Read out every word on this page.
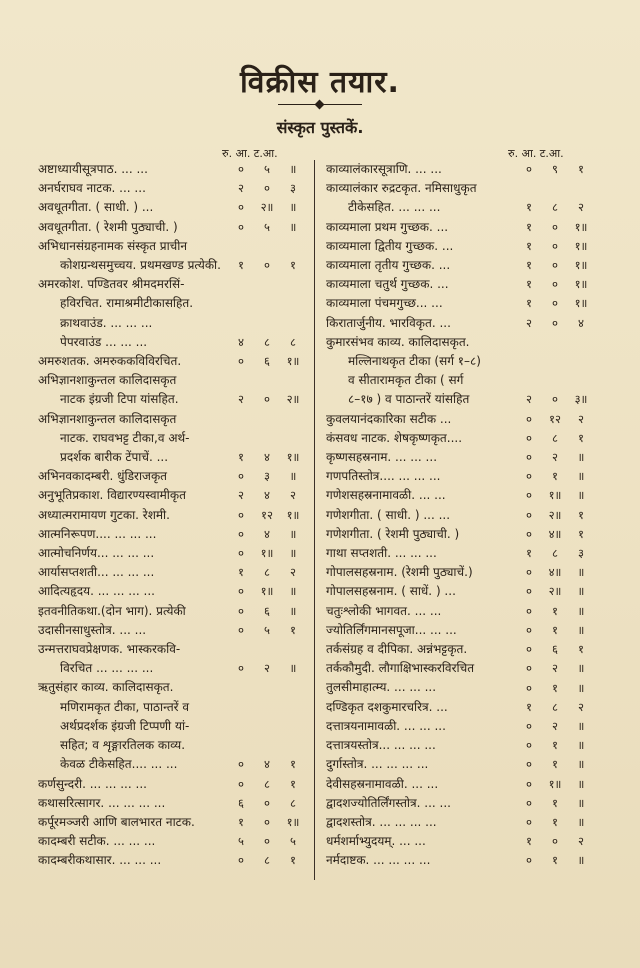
विक्रीस तयार.
संस्कृत पुस्तकें.
रु. आ. ट.आ.	रु. आ. ट.आ.
अष्टाध्यायीसूत्रपाठ. ... ...	०	५	॥
अनर्घराघव नाटक. ... ...	२	०	३
अवधूतगीता. ( साधी. ) ...	०	२॥	॥
अवधूतगीता. ( रेशमी पुठ्याची. )	०	५	॥
अभिधानसंग्रहनामक संस्कृत प्राचीन
कोशग्रन्थसमुच्चय. प्रथमखण्ड प्रत्येकी.	१	०	१
अमरकोश. पण्डितवर श्रीमदमरसिं-
हविरचित. रामाश्रमीटीकासहित.
क्राथवाउंड. ... ... ...
पेपरवाउंड ... ... ...	४	८	८
अमरुशतक. अमरुककविविरचित.	०	६	१॥
अभिज्ञानशाकुन्तल कालिदासकृत
नाटक इंग्रजी टिपा यांसहित.	२	०	२॥
अभिज्ञानशाकुन्तल कालिदासकृत
नाटक. राघवभट्ट टीका,व अर्थ-
प्रदर्शक बारीक टेंपाचें. ...	१	४	१॥
अभिनवकादम्बरी. धुंडिराजकृत	०	३	॥
अनुभूतिप्रकाश. विद्यारण्यस्वामीकृत	२	४	२
अध्यात्मरामायण गुटका. रेशमी.	०	१२	१॥
आत्मनिरूपण.... ... ... ...	०	४	॥
आत्मोचनिर्णय... ... ... ...	०	१॥	॥
आर्यासप्तशती... ... ... ...	१	८	२
आदित्यहृदय. ... ... ... ...	०	१॥	॥
इतवनीतिकथा.(दोन भाग). प्रत्येकी	०	६	॥
उदासीनसाधुस्तोत्र. ... ...	०	५	१
उन्मत्तराघवप्रेक्षणक. भास्करकवि-
विरचित ... ... ... ...	०	२	॥
ऋतुसंहार काव्य. कालिदासकृत.
मणिरामकृत टीका, पाठान्तरें व
अर्थप्रदर्शक इंग्रजी टिप्पणी यां-
सहित; व शृङ्गारतिलक काव्य.
केवळ टीकेसहित.... ... ...	०	४	१
कर्णसुन्दरी. ... ... ... ...	०	८	१
कथासरित्सागर. ... ... ... ...	६	०	८
कर्पूरमञ्जरी आणि बालभारत नाटक.	१	०	१॥
कादम्बरी सटीक. ... ... ...	५	०	५
कादम्बरीकथासार. ... ... ...	०	८	१
काव्यालंकारसूत्राणि. ... ...	०	९	१
काव्यालंकार रुद्रटकृत. नमिसाधुकृत
टीकेसहित. ... ... ...	१	८	२
काव्यमाला प्रथम गुच्छक. ...	१	०	१॥
काव्यमाला द्वितीय गुच्छक. ...	१	०	१॥
काव्यमाला तृतीय गुच्छक. ...	१	०	१॥
काव्यमाला चतुर्थ गुच्छक. ...	१	०	१॥
काव्यमाला पंचमगुच्छ... ...	१	०	१॥
किरातार्जुनीय. भारविकृत. ...	२	०	४
कुमारसंभव काव्य. कालिदासकृत.
मल्लिनाथकृत टीका (सर्ग १–८)
व सीतारामकृत टीका ( सर्ग
८–१७ ) व पाठान्तरें यांसहित	२	०	३॥
कुवलयानंदकारिका सटीक ...	०	१२	२
कंसवध नाटक. शेषकृष्णकृत....	०	८	१
कृष्णसहस्रनाम. ... ... ...	०	२	॥
गणपतिस्तोत्र.... ... ... ...	०	१	॥
गणेशसहस्रनामावळी. ... ...	०	१॥	॥
गणेशगीता. ( साधी. ) ... ...	०	२॥	१
गणेशगीता. ( रेशमी पुठ्याची. )	०	४॥	१
गाथा सप्तशती. ... ... ...	१	८	३
गोपालसहस्रनाम. (रेशमी पुठ्याचें.)	०	४॥	॥
गोपालसहस्रनाम. ( साधें. ) ...	०	२॥	॥
चतुःश्लोकी भागवत. ... ...	०	१	॥
ज्योतिर्लिंगमानसपूजा... ... ...	०	१	॥
तर्कसंग्रह व दीपिका. अन्नंभट्टकृत.	०	६	१
तर्ककौमुदी. लौगाक्षिभास्करविरचित	०	२	॥
तुलसीमाहात्म्य. ... ... ...	०	१	॥
दण्डिकृत दशकुमारचरित्र. ...	१	८	२
दत्तात्रयनामावळी. ... ... ...	०	२	॥
दत्तात्रयस्तोत्र... ... ... ...	०	१	॥
दुर्गास्तोत्र. ... ... ... ...	०	१	॥
देवीसहस्रनामावळी. ... ...	०	१॥	॥
द्वादशज्योतिर्लिंगस्तोत्र. ... ...	०	१	॥
द्वादशस्तोत्र. ... ... ... ...	०	१	॥
धर्मशर्माभ्युदयम्. ... ...	१	०	२
नर्मदाष्टक. ... ... ... ...	०	१	॥
